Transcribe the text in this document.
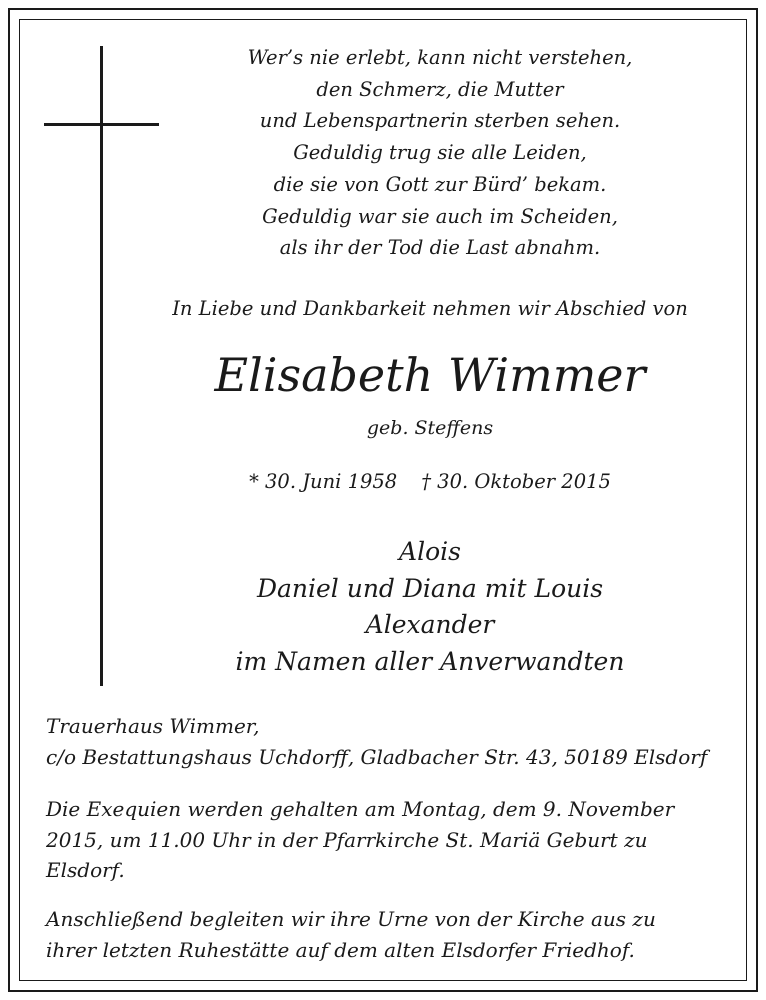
Wer’s nie erlebt, kann nicht verstehen,
den Schmerz, die Mutter
und Lebenspartnerin sterben sehen.
Geduldig trug sie alle Leiden,
die sie von Gott zur Bürd’ bekam.
Geduldig war sie auch im Scheiden,
als ihr der Tod die Last abnahm.
In Liebe und Dankbarkeit nehmen wir Abschied von
Elisabeth Wimmer
geb. Steffens
* 30. Juni 1958 † 30. Oktober 2015
Alois
Daniel und Diana mit Louis
Alexander
im Namen aller Anverwandten

Trauerhaus Wimmer,
c/o Bestattungshaus Uchdorff, Gladbacher Str. 43, 50189 Elsdorf

Die Exequien werden gehalten am Montag, dem 9. November
2015, um 11.00 Uhr in der Pfarrkirche St. Mariä Geburt zu
Elsdorf.

Anschließend begleiten wir ihre Urne von der Kirche aus zu
ihrer letzten Ruhestätte auf dem alten Elsdorfer Friedhof.
